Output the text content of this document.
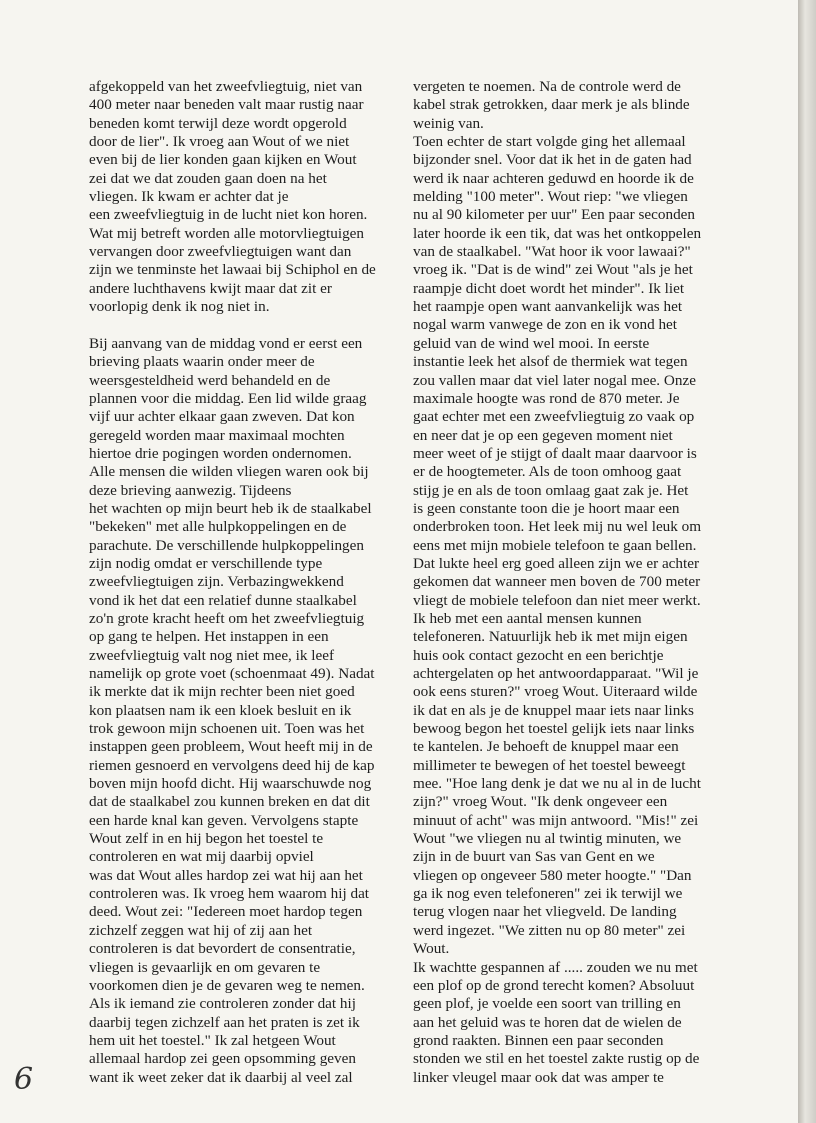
afgekoppeld van het zweefvliegtuig, niet van
400 meter naar beneden valt maar rustig naar
beneden komt terwijl deze wordt opgerold
door de lier". Ik vroeg aan Wout of we niet
even bij de lier konden gaan kijken en Wout
zei dat we dat zouden gaan doen na het
vliegen. Ik kwam er achter dat je
een zweefvliegtuig in de lucht niet kon horen.
Wat mij betreft worden alle motorvliegtuigen
vervangen door zweefvliegtuigen want dan
zijn we tenminste het lawaai bij Schiphol en de
andere luchthavens kwijt maar dat zit er
voorlopig denk ik nog niet in.
Bij aanvang van de middag vond er eerst een
brieving plaats waarin onder meer de
weersgesteldheid werd behandeld en de
plannen voor die middag. Een lid wilde graag
vijf uur achter elkaar gaan zweven. Dat kon
geregeld worden maar maximaal mochten
hiertoe drie pogingen worden ondernomen.
Alle mensen die wilden vliegen waren ook bij
deze brieving aanwezig. Tijdeens
het wachten op mijn beurt heb ik de staalkabel
"bekeken" met alle hulpkoppelingen en de
parachute. De verschillende hulpkoppelingen
zijn nodig omdat er verschillende type
zweefvliegtuigen zijn. Verbazingwekkend
vond ik het dat een relatief dunne staalkabel
zo'n grote kracht heeft om het zweefvliegtuig
op gang te helpen. Het instappen in een
zweefvliegtuig valt nog niet mee, ik leef
namelijk op grote voet (schoenmaat 49). Nadat
ik merkte dat ik mijn rechter been niet goed
kon plaatsen nam ik een kloek besluit en ik
trok gewoon mijn schoenen uit. Toen was het
instappen geen probleem, Wout heeft mij in de
riemen gesnoerd en vervolgens deed hij de kap
boven mijn hoofd dicht. Hij waarschuwde nog
dat de staalkabel zou kunnen breken en dat dit
een harde knal kan geven. Vervolgens stapte
Wout zelf in en hij begon het toestel te
controleren en wat mij daarbij opviel
was dat Wout alles hardop zei wat hij aan het
controleren was. Ik vroeg hem waarom hij dat
deed. Wout zei: "Iedereen moet hardop tegen
zichzelf zeggen wat hij of zij aan het
controleren is dat bevordert de consentratie,
vliegen is gevaarlijk en om gevaren te
voorkomen dien je de gevaren weg te nemen.
Als ik iemand zie controleren zonder dat hij
daarbij tegen zichzelf aan het praten is zet ik
hem uit het toestel." Ik zal hetgeen Wout
allemaal hardop zei geen opsomming geven
want ik weet zeker dat ik daarbij al veel zal
vergeten te noemen. Na de controle werd de
kabel strak getrokken, daar merk je als blinde
weinig van.
Toen echter de start volgde ging het allemaal
bijzonder snel. Voor dat ik het in de gaten had
werd ik naar achteren geduwd en hoorde ik de
melding "100 meter". Wout riep: "we vliegen
nu al 90 kilometer per uur" Een paar seconden
later hoorde ik een tik, dat was het ontkoppelen
van de staalkabel. "Wat hoor ik voor lawaai?"
vroeg ik. "Dat is de wind" zei Wout "als je het
raampje dicht doet wordt het minder". Ik liet
het raampje open want aanvankelijk was het
nogal warm vanwege de zon en ik vond het
geluid van de wind wel mooi. In eerste
instantie leek het alsof de thermiek wat tegen
zou vallen maar dat viel later nogal mee. Onze
maximale hoogte was rond de 870 meter. Je
gaat echter met een zweefvliegtuig zo vaak op
en neer dat je op een gegeven moment niet
meer weet of je stijgt of daalt maar daarvoor is
er de hoogtemeter. Als de toon omhoog gaat
stijg je en als de toon omlaag gaat zak je. Het
is geen constante toon die je hoort maar een
onderbroken toon. Het leek mij nu wel leuk om
eens met mijn mobiele telefoon te gaan bellen.
Dat lukte heel erg goed alleen zijn we er achter
gekomen dat wanneer men boven de 700 meter
vliegt de mobiele telefoon dan niet meer werkt.
Ik heb met een aantal mensen kunnen
telefoneren. Natuurlijk heb ik met mijn eigen
huis ook contact gezocht en een berichtje
achtergelaten op het antwoordapparaat. "Wil je
ook eens sturen?" vroeg Wout. Uiteraard wilde
ik dat en als je de knuppel maar iets naar links
bewoog begon het toestel gelijk iets naar links
te kantelen. Je behoeft de knuppel maar een
millimeter te bewegen of het toestel beweegt
mee. "Hoe lang denk je dat we nu al in de lucht
zijn?" vroeg Wout. "Ik denk ongeveer een
minuut of acht" was mijn antwoord. "Mis!" zei
Wout "we vliegen nu al twintig minuten, we
zijn in de buurt van Sas van Gent en we
vliegen op ongeveer 580 meter hoogte." "Dan
ga ik nog even telefoneren" zei ik terwijl we
terug vlogen naar het vliegveld. De landing
werd ingezet. "We zitten nu op 80 meter" zei
Wout.
Ik wachtte gespannen af ..... zouden we nu met
een plof op de grond terecht komen? Absoluut
geen plof, je voelde een soort van trilling en
aan het geluid was te horen dat de wielen de
grond raakten. Binnen een paar seconden
stonden we stil en het toestel zakte rustig op de
linker vleugel maar ook dat was amper te
6
